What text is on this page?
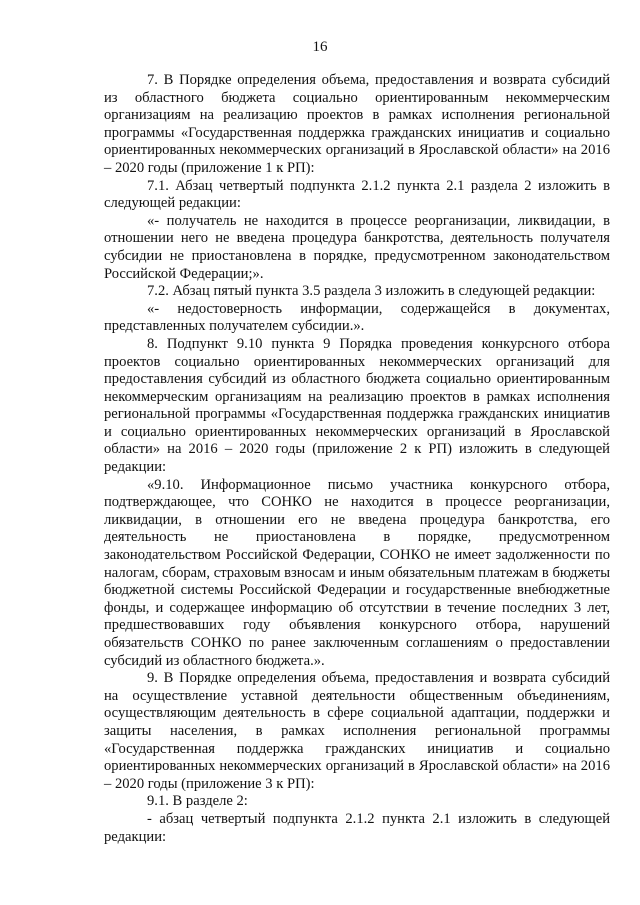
16

7. В Порядке определения объема, предоставления и возврата субсидий из областного бюджета социально ориентированным некоммерческим организациям на реализацию проектов в рамках исполнения региональной программы «Государственная поддержка гражданских инициатив и социально ориентированных некоммерческих организаций в Ярославской области» на 2016 – 2020 годы (приложение 1 к РП):

7.1. Абзац четвертый подпункта 2.1.2 пункта 2.1 раздела 2 изложить в следующей редакции:

«- получатель не находится в процессе реорганизации, ликвидации, в отношении него не введена процедура банкротства, деятельность получателя субсидии не приостановлена в порядке, предусмотренном законодательством Российской Федерации;».

7.2. Абзац пятый пункта 3.5 раздела 3 изложить в следующей редакции:

«- недостоверность информации, содержащейся в документах, представленных получателем субсидии.».

8. Подпункт 9.10 пункта 9 Порядка проведения конкурсного отбора проектов социально ориентированных некоммерческих организаций для предоставления субсидий из областного бюджета социально ориентированным некоммерческим организациям на реализацию проектов в рамках исполнения региональной программы «Государственная поддержка гражданских инициатив и социально ориентированных некоммерческих организаций в Ярославской области» на 2016 – 2020 годы (приложение 2 к РП) изложить в следующей редакции:

«9.10. Информационное письмо участника конкурсного отбора, подтверждающее, что СОНКО не находится в процессе реорганизации, ликвидации, в отношении его не введена процедура банкротства, его деятельность не приостановлена в порядке, предусмотренном законодательством Российской Федерации, СОНКО не имеет задолженности по налогам, сборам, страховым взносам и иным обязательным платежам в бюджеты бюджетной системы Российской Федерации и государственные внебюджетные фонды, и содержащее информацию об отсутствии в течение последних 3 лет, предшествовавших году объявления конкурсного отбора, нарушений обязательств СОНКО по ранее заключенным соглашениям о предоставлении субсидий из областного бюджета.».

9. В Порядке определения объема, предоставления и возврата субсидий на осуществление уставной деятельности общественным объединениям, осуществляющим деятельность в сфере социальной адаптации, поддержки и защиты населения, в рамках исполнения региональной программы «Государственная поддержка гражданских инициатив и социально ориентированных некоммерческих организаций в Ярославской области» на 2016 – 2020 годы (приложение 3 к РП):

9.1. В разделе 2:

- абзац четвертый подпункта 2.1.2 пункта 2.1 изложить в следующей редакции:
